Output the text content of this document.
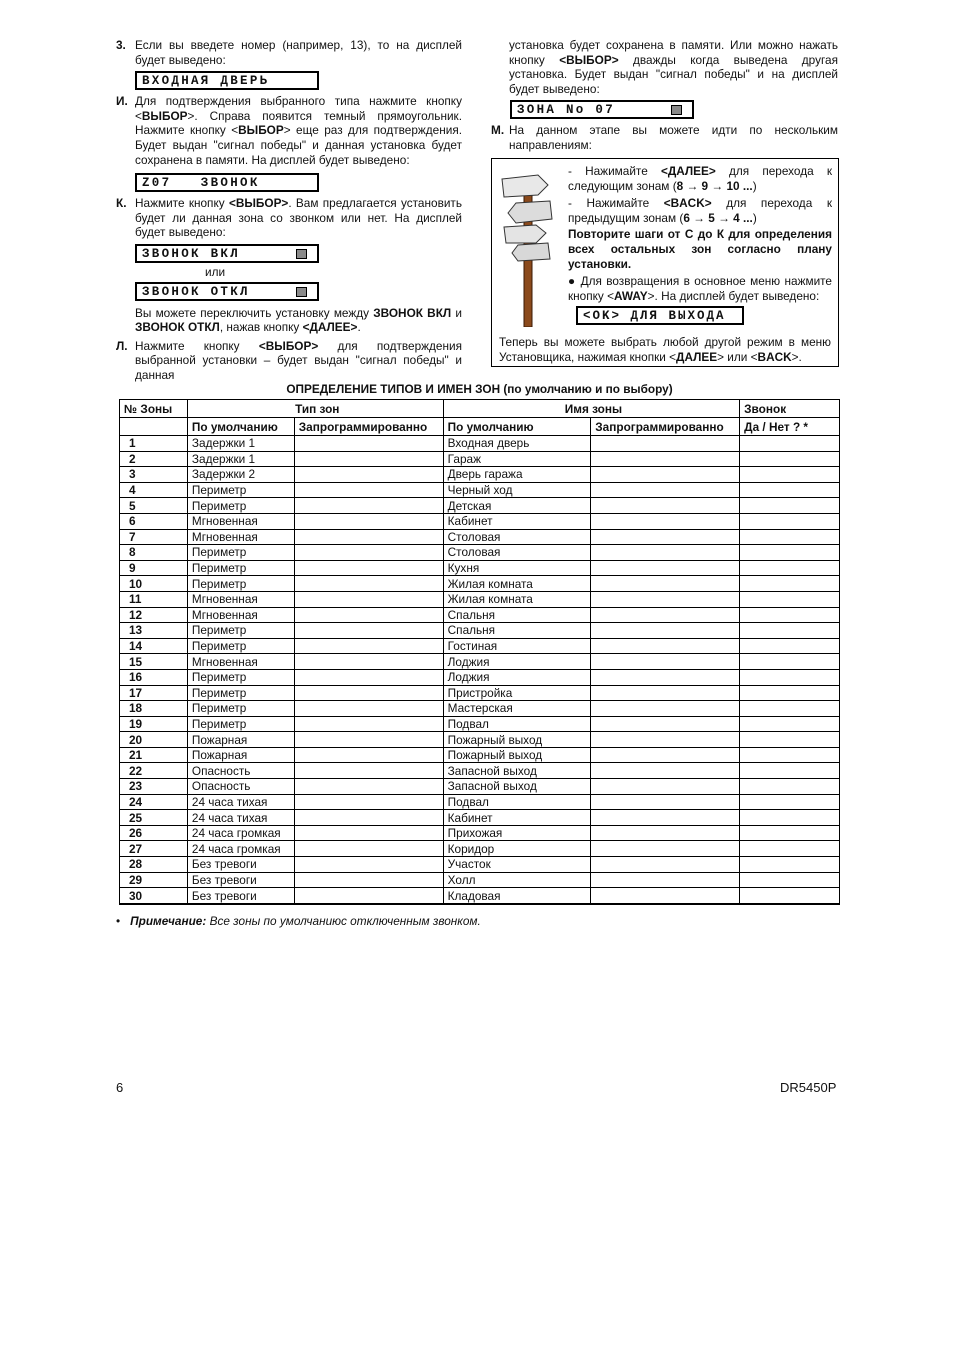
3. Если вы введете номер (например, 13), то на дисплей будет выведено:
ВХОДНАЯ ДВЕРЬ
И. Для подтверждения выбранного типа нажмите кнопку <ВЫБОР>. Справа появится темный прямоугольник. Нажмите кнопку <ВЫБОР> еще раз для подтверждения. Будет выдан "сигнал победы" и данная установка будет сохранена в памяти. На дисплей будет выведено:
Z07   ЗВОНОК
К. Нажмите кнопку <ВЫБОР>. Вам предлагается установить будет ли данная зона со звонком или нет. На дисплей будет выведено:
ЗВОНОК ВКЛ
или
ЗВОНОК ОТКЛ
Вы можете переключить установку между ЗВОНОК ВКЛ и ЗВОНОК ОТКЛ, нажав кнопку <ДАЛЕЕ>.
Л. Нажмите кнопку <ВЫБОР> для подтверждения выбранной установки – будет выдан "сигнал победы" и данная
установка будет сохранена в памяти. Или можно нажать кнопку <ВЫБОР> дважды когда выведена другая установка. Будет выдан "сигнал победы" и на дисплей будет выведено:
ЗОНА No 07
М. На данном этапе вы можете идти по нескольким направлениям:
- Нажимайте <ДАЛЕЕ> для перехода к следующим зонам (8 → 9 → 10 ...)
- Нажимайте <BACK> для перехода к предыдущим зонам (6 → 5 → 4 ...)
Повторите шаги от С до К для определения всех остальных зон согласно плану установки.
● Для возвращения в основное меню нажмите кнопку <AWAY>. На дисплей будет выведено:
<OK> ДЛЯ ВЫХОДА
Теперь вы можете выбрать любой другой режим в меню Установщика, нажимая кнопки <ДАЛЕЕ> или <BACK>.
ОПРЕДЕЛЕНИЕ ТИПОВ И ИМЕН ЗОН (по умолчанию и по выбору)
№ Зоны	Тип зон		Имя зоны		Звонок
	По умолчанию	Запрограммированно	По умолчанию	Запрограммированно	Да / Нет ? *
1	Задержки 1		Входная дверь		
2	Задержки 1		Гараж		
3	Задержки 2		Дверь гаража		
4	Периметр		Черный ход		
5	Периметр		Детская		
6	Мгновенная		Кабинет		
7	Мгновенная		Столовая		
8	Периметр		Столовая		
9	Периметр		Кухня		
10	Периметр		Жилая комната		
11	Мгновенная		Жилая комната		
12	Мгновенная		Спальня		
13	Периметр		Спальня		
14	Периметр		Гостиная		
15	Мгновенная		Лоджия		
16	Периметр		Лоджия		
17	Периметр		Пристройка		
18	Периметр		Мастерская		
19	Периметр		Подвал		
20	Пожарная		Пожарный выход		
21	Пожарная		Пожарный выход		
22	Опасность		Запасной выход		
23	Опасность		Запасной выход		
24	24 часа тихая		Подвал		
25	24 часа тихая		Кабинет		
26	24 часа громкая		Прихожая		
27	24 часа громкая		Коридор		
28	Без тревоги		Участок		
29	Без тревоги		Холл		
30	Без тревоги		Кладовая		
• Примечание: Все зоны по умолчаниюс отключенным звонком.
6	DR5450P
